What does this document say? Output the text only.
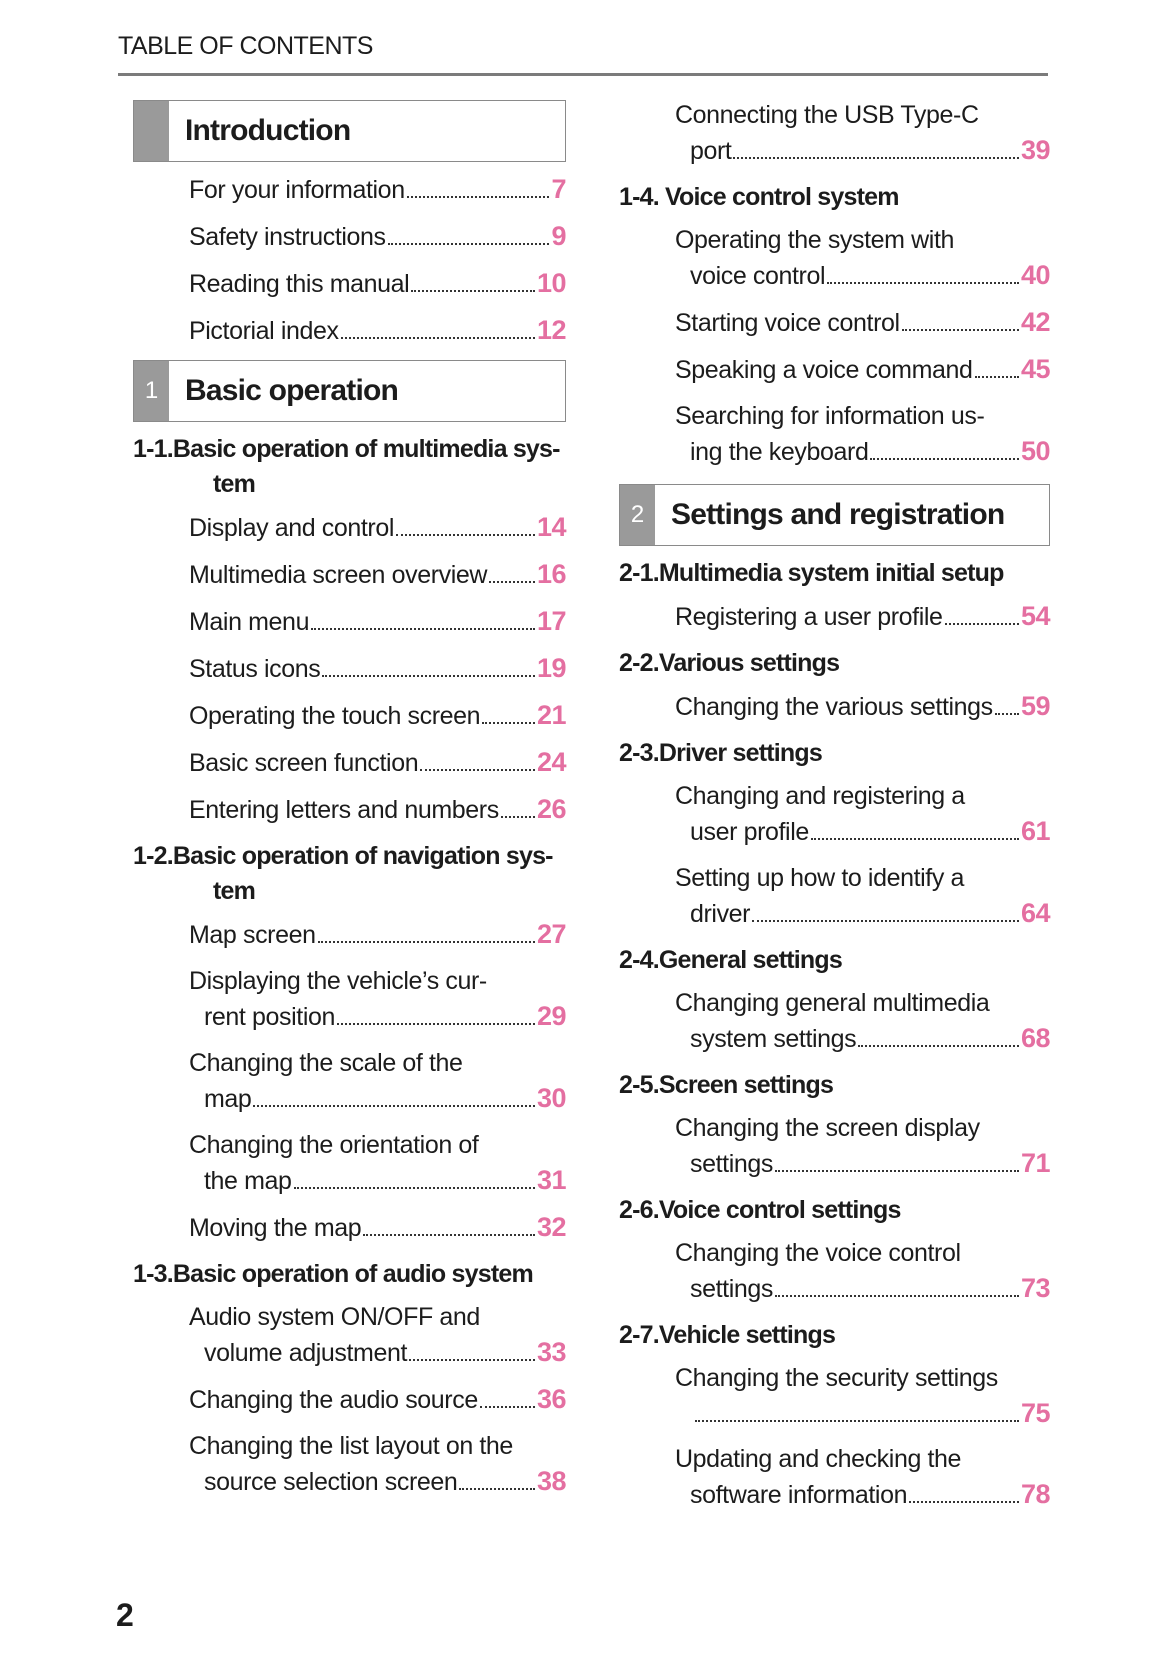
TABLE OF CONTENTS
Introduction
For your information	7
Safety instructions	9
Reading this manual	10
Pictorial index	12
1 Basic operation
1-1.Basic operation of multimedia sys-
tem
Display and control	14
Multimedia screen overview 16
Main menu	17
Status icons	19
Operating the touch screen 21
Basic screen function	24
Entering letters and numbers 26
1-2.Basic operation of navigation sys-
tem
Map screen	27
Displaying the vehicle’s cur-
rent position	29
Changing the scale of the
map	30
Changing the orientation of
the map	31
Moving the map	32
1-3.Basic operation of audio system
Audio system ON/OFF and
volume adjustment	33
Changing the audio source 36
Changing the list layout on the
source selection screen	38
Connecting the USB Type-C
port	39
1-4. Voice control system
Operating the system with
voice control	40
Starting voice control	42
Speaking a voice command 45
Searching for information us-
ing the keyboard	50
2 Settings and registration
2-1.Multimedia system initial setup
Registering a user profile	54
2-2.Various settings
Changing the various settings 59
2-3.Driver settings
Changing and registering a
user profile	61
Setting up how to identify a
driver	64
2-4.General settings
Changing general multimedia
system settings	68
2-5.Screen settings
Changing the screen display
settings	71
2-6.Voice control settings
Changing the voice control
settings	73
2-7.Vehicle settings
Changing the security settings
75
Updating and checking the
software information	78
2
